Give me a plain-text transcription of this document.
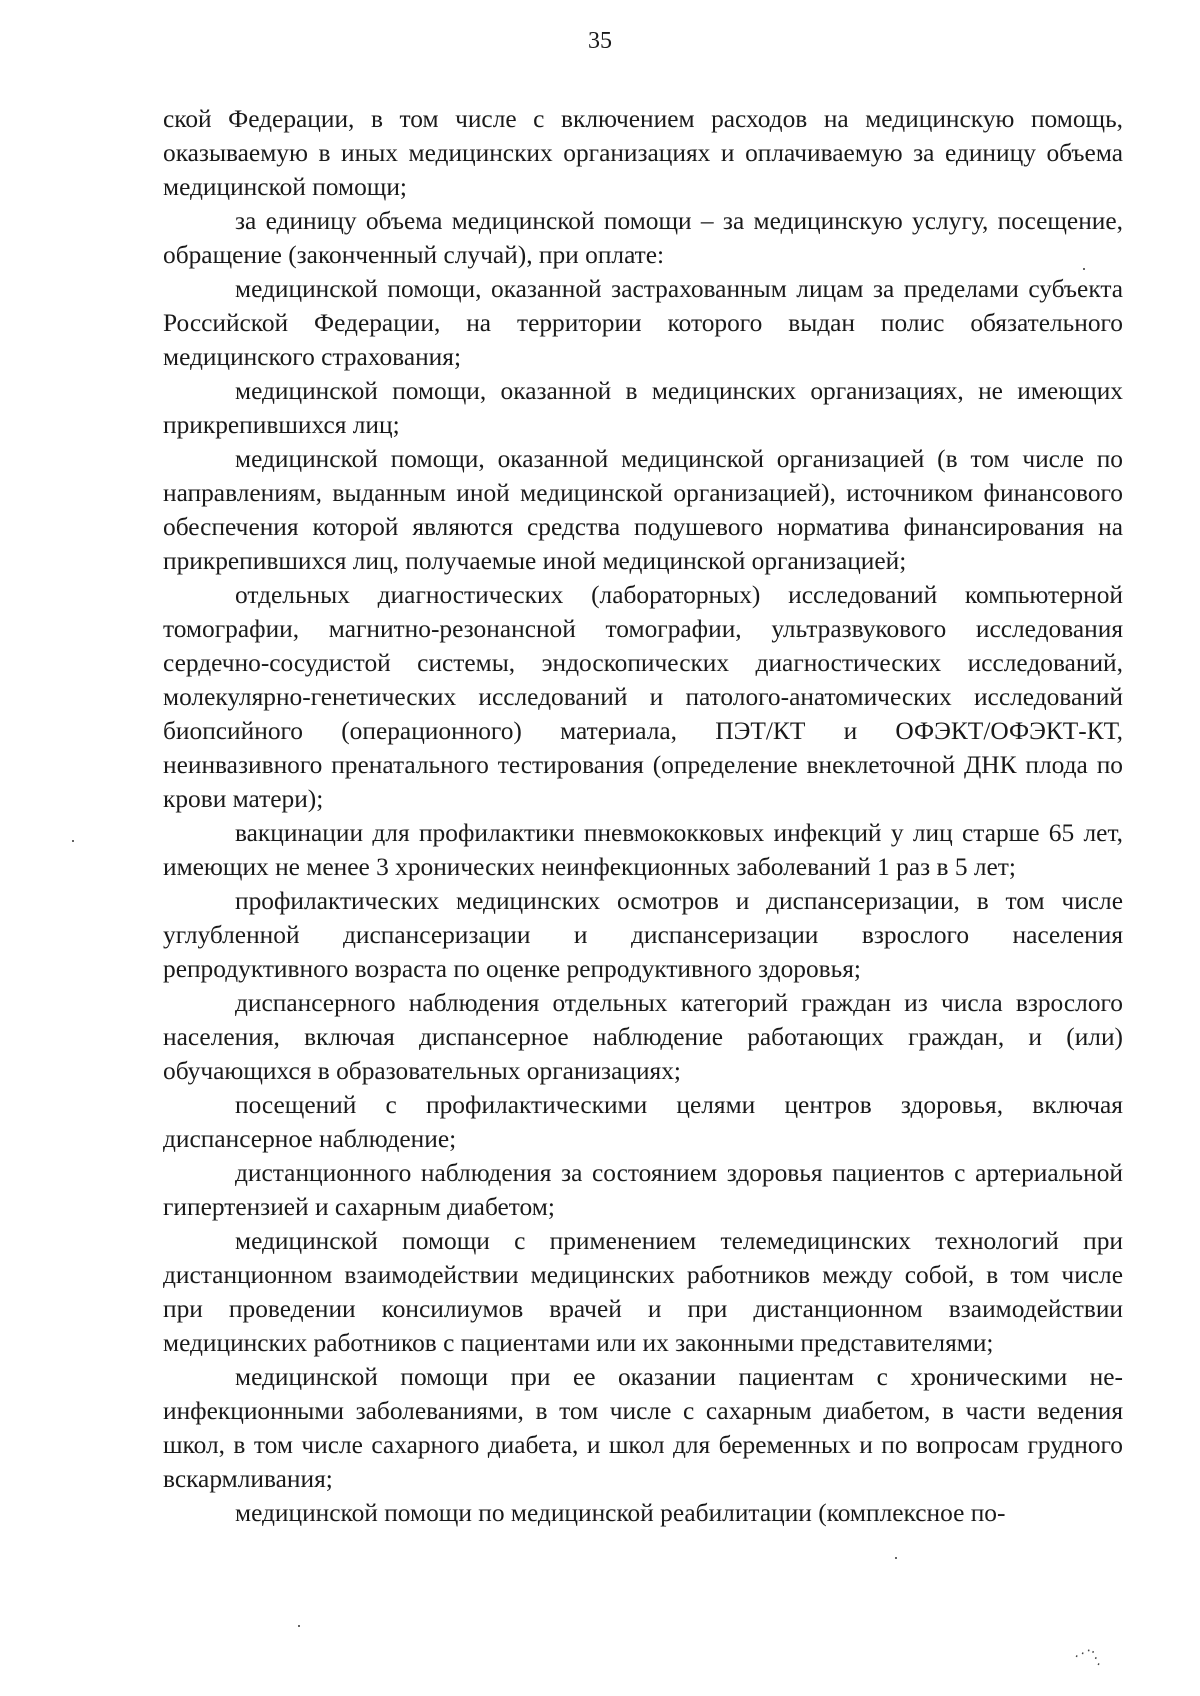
35

ской Федерации, в том числе с включением расходов на медицинскую помощь, оказываемую в иных медицинских организациях и оплачиваемую за единицу объема медицинской помощи;

за единицу объема медицинской помощи – за медицинскую услугу, посещение, обращение (законченный случай), при оплате:

медицинской помощи, оказанной застрахованным лицам за пределами субъекта Российской Федерации, на территории которого выдан полис обязательного медицинского страхования;

медицинской помощи, оказанной в медицинских организациях, не имеющих прикрепившихся лиц;

медицинской помощи, оказанной медицинской организацией (в том числе по направлениям, выданным иной медицинской организацией), источником финансового обеспечения которой являются средства подушевого норматива финансирования на прикрепившихся лиц, получаемые иной медицинской организацией;

отдельных диагностических (лабораторных) исследований компьютерной томографии, магнитно-резонансной томографии, ультразвукового исследования сердечно-сосудистой системы, эндоскопических диагностических исследований, молекулярно-генетических исследований и патолого-анатомических исследований биопсийного (операционного) материала, ПЭТ/КТ и ОФЭКТ/ОФЭКТ-КТ, неинвазивного пренатального тестирования (определение внеклеточной ДНК плода по крови матери);

вакцинации для профилактики пневмококковых инфекций у лиц старше 65 лет, имеющих не менее 3 хронических неинфекционных заболеваний 1 раз в 5 лет;

профилактических медицинских осмотров и диспансеризации, в том числе углубленной диспансеризации и диспансеризации взрослого населения репродуктивного возраста по оценке репродуктивного здоровья;

диспансерного наблюдения отдельных категорий граждан из числа взрослого населения, включая диспансерное наблюдение работающих граждан, и (или) обучающихся в образовательных организациях;

посещений с профилактическими целями центров здоровья, включая диспансерное наблюдение;

дистанционного наблюдения за состоянием здоровья пациентов с артериальной гипертензией и сахарным диабетом;

медицинской помощи с применением телемедицинских технологий при дистанционном взаимодействии медицинских работников между собой, в том числе при проведении консилиумов врачей и при дистанционном взаимодействии медицинских работников с пациентами или их законными представителями;

медицинской помощи при ее оказании пациентам с хроническими неинфекционными заболеваниями, в том числе с сахарным диабетом, в части ведения школ, в том числе сахарного диабета, и школ для беременных и по вопросам грудного вскармливания;

медицинской помощи по медицинской реабилитации (комплексное по-

⋰⋱
